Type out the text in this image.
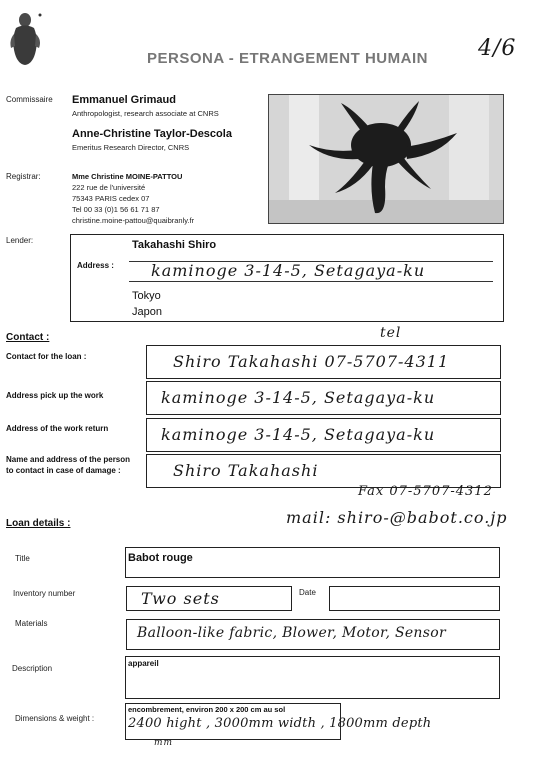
PERSONA - ETRANGEMENT HUMAIN 4/6
Commissaire Emmanuel Grimaud
Anthropologist, research associate at CNRS
Anne-Christine Taylor-Descola
Emeritus Research Director, CNRS
Registrar:	Mme Christine MOINE-PATTOU
222 rue de l'université
75343 PARIS cedex 07
Tel 00 33 (0)1 56 61 71 87
christine.moine-pattou@quaibranly.fr
Lender:	Takahashi Shiro
Address : kaminoge 3-14-5, Setagaya-ku
Tokyo
Japon
Contact :	tel
Contact for the loan :	Shiro Takahashi 07-5707-4311
Address pick up the work	kaminoge 3-14-5, Setagaya-ku
Address of the work return	kaminoge 3-14-5, Setagaya-ku
Name and address of the person to contact in case of damage :	Shiro Takahashi
Fax 07-5707-4312
mail: shiro-@babot.co.jp
Loan details :
Title	Babot rouge
Inventory number	Two sets	Date
Materials
Balloon-like fabric, Blower, Motor, Sensor
Description
appareil
Dimensions & weight :
encombrement, environ 200 x 200 cm au sol
2400 hight , 3000mm width , 1800mm depth
mm
